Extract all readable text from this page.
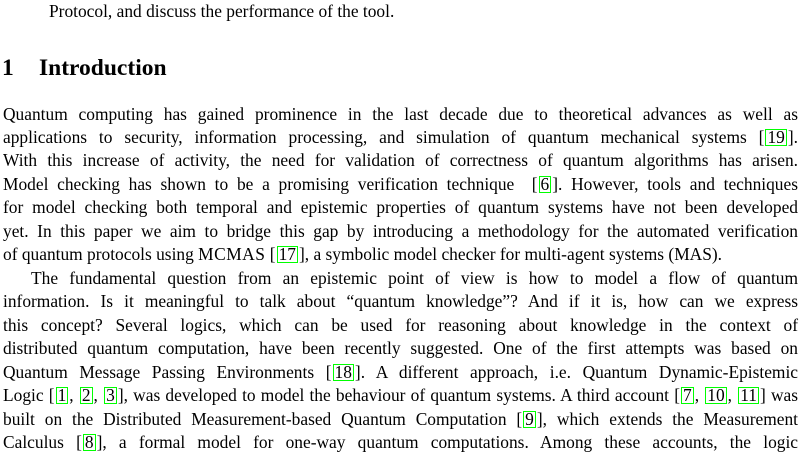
Protocol, and discuss the performance of the tool.
1 Introduction
Quantum computing has gained prominence in the last decade due to theoretical advances as well as
applications to security, information processing, and simulation of quantum mechanical systems [ 19 ].
With this increase of activity, the need for validation of correctness of quantum algorithms has arisen.
Model checking has shown to be a promising verification technique  [ 6 ]. However, tools and techniques
for model checking both temporal and epistemic properties of quantum systems have not been developed
yet. In this paper we aim to bridge this gap by introducing a methodology for the automated verification
of quantum protocols using MCMAS [ 17 ], a symbolic model checker for multi-agent systems (MAS).
The fundamental question from an epistemic point of view is how to model a flow of quantum
information. Is it meaningful to talk about “quantum knowledge”? And if it is, how can we express
this concept? Several logics, which can be used for reasoning about knowledge in the context of
distributed quantum computation, have been recently suggested. One of the first attempts was based on
Quantum Message Passing Environments [ 18 ]. A different approach, i.e. Quantum Dynamic-Epistemic
Logic [ 1 , 2 , 3 ], was developed to model the behaviour of quantum systems. A third account [ 7 , 10 , 11 ] was
built on the Distributed Measurement-based Quantum Computation [ 9 ], which extends the Measurement
Calculus [ 8 ], a formal model for one-way quantum computations. Among these accounts, the logic
